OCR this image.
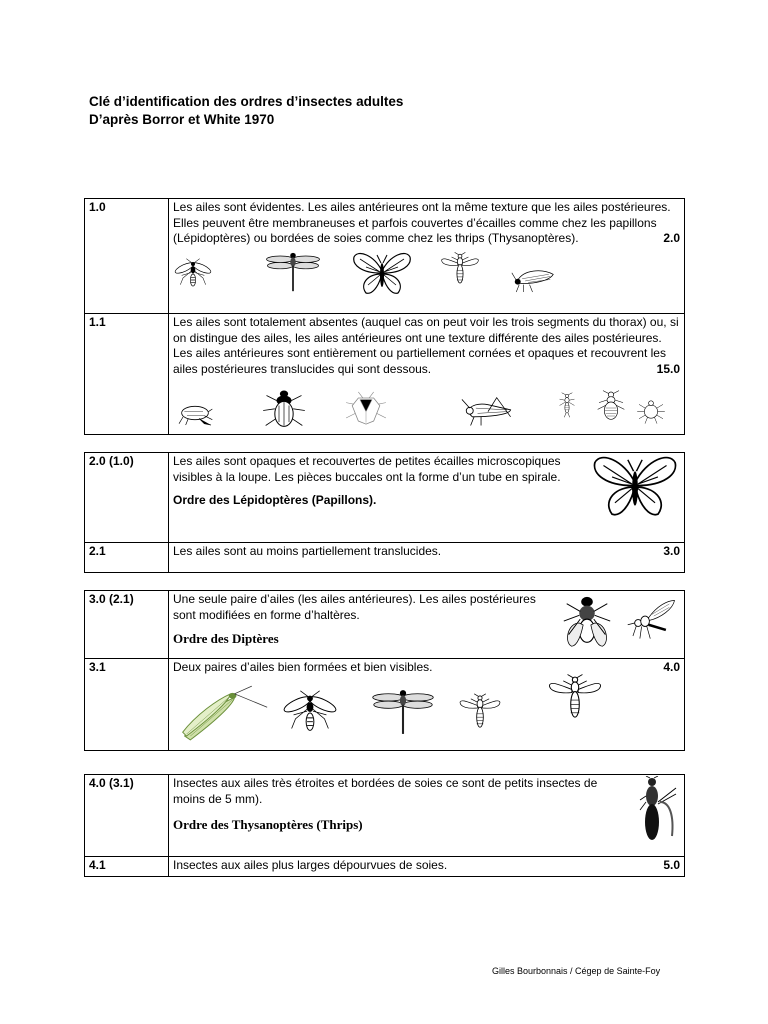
Clé d’identification des ordres d’insectes adultes
D’après Borror et White 1970
1.0	Les ailes sont évidentes. Les ailes antérieures ont la même texture que les ailes postérieures. Elles peuvent être membraneuses et parfois couvertes d’écailles comme chez les papillons (Lépidoptères) ou bordées de soies comme chez les thrips (Thysanoptères). 2.0

1.1	Les ailes sont totalement absentes (auquel cas on peut voir les trois segments du thorax) ou, si on distingue des ailes, les ailes antérieures ont une texture différente des ailes postérieures. Les ailes antérieures sont entièrement ou partiellement cornées et opaques et recouvrent les ailes postérieures translucides qui sont dessous. 15.0
2.0 (1.0)	Les ailes sont opaques et recouvertes de petites écailles microscopiques visibles à la loupe. Les pièces buccales ont la forme d’un tube en spirale.
Ordre des Lépidoptères (Papillons).

2.1	Les ailes sont au moins partiellement translucides. 3.0
3.0 (2.1)	Une seule paire d’ailes (les ailes antérieures). Les ailes postérieures sont modifiées en forme d’haltères.
Ordre des Diptères

3.1	Deux paires d’ailes bien formées et bien visibles. 4.0
4.0 (3.1)	Insectes aux ailes très étroites et bordées de soies ce sont de petits insectes de moins de 5 mm).
Ordre des Thysanoptères (Thrips)

4.1	Insectes aux ailes plus larges dépourvues de soies. 5.0
Gilles Bourbonnais / Cégep de Sainte-Foy
